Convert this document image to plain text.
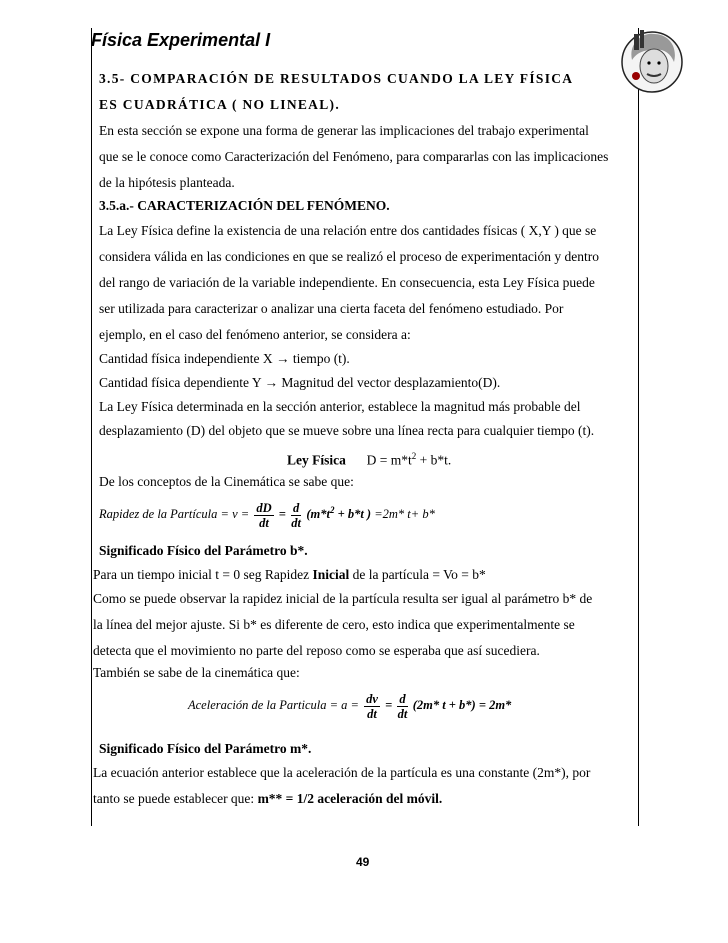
Física Experimental I
3.5- COMPARACIÓN DE RESULTADOS CUANDO LA LEY FÍSICA
ES CUADRÁTICA ( NO LINEAL).
En esta sección se expone una forma de generar las implicaciones del trabajo experimental
que se le conoce como Caracterización del Fenómeno, para compararlas con las implicaciones
de la hipótesis planteada.
3.5.a.- CARACTERIZACIÓN DEL FENÓMENO.
La Ley Física define la existencia de una relación entre dos cantidades físicas ( X,Y ) que se
considera válida en las condiciones en que se realizó el proceso de experimentación y dentro
del rango de variación de la variable independiente. En consecuencia, esta Ley Física puede
ser utilizada para caracterizar o analizar una cierta faceta del fenómeno estudiado. Por
ejemplo, en el caso del fenómeno anterior, se considera a:
Cantidad física independiente X → tiempo (t).
Cantidad física dependiente Y → Magnitud del vector desplazamiento(D).
La Ley Física determinada en la sección anterior, establece la magnitud más probable del
desplazamiento (D) del objeto que se mueve sobre una línea recta para cualquier tiempo (t).
Ley Física $D = m*t^2 + b*t$.
De los conceptos de la Cinemática se sabe que:
Rapidez de la Partícula = $v = \frac{dD}{dt} = \frac{d}{dt} (m*t^2 + b*t$ ) =2m* t+ b*
Significado Físico del Parámetro b*.
Para un tiempo inicial t = 0 seg Rapidez Inicial de la partícula = Vo = b*
Como se puede observar la rapidez inicial de la partícula resulta ser igual al parámetro b* de
la línea del mejor ajuste. Si b* es diferente de cero, esto indica que experimentalmente se
detecta que el movimiento no parte del reposo como se esperaba que así sucediera.
También se sabe de la cinemática que:
Aceleración de la Particula = $a = \frac{dv}{dt} = \frac{d}{dt} (2m*$ t + b*) = 2m*
Significado Físico del Parámetro m*.
La ecuación anterior establece que la aceleración de la partícula es una constante (2m*), por
tanto se puede establecer que: m** = 1/2 aceleración del móvil.
49
